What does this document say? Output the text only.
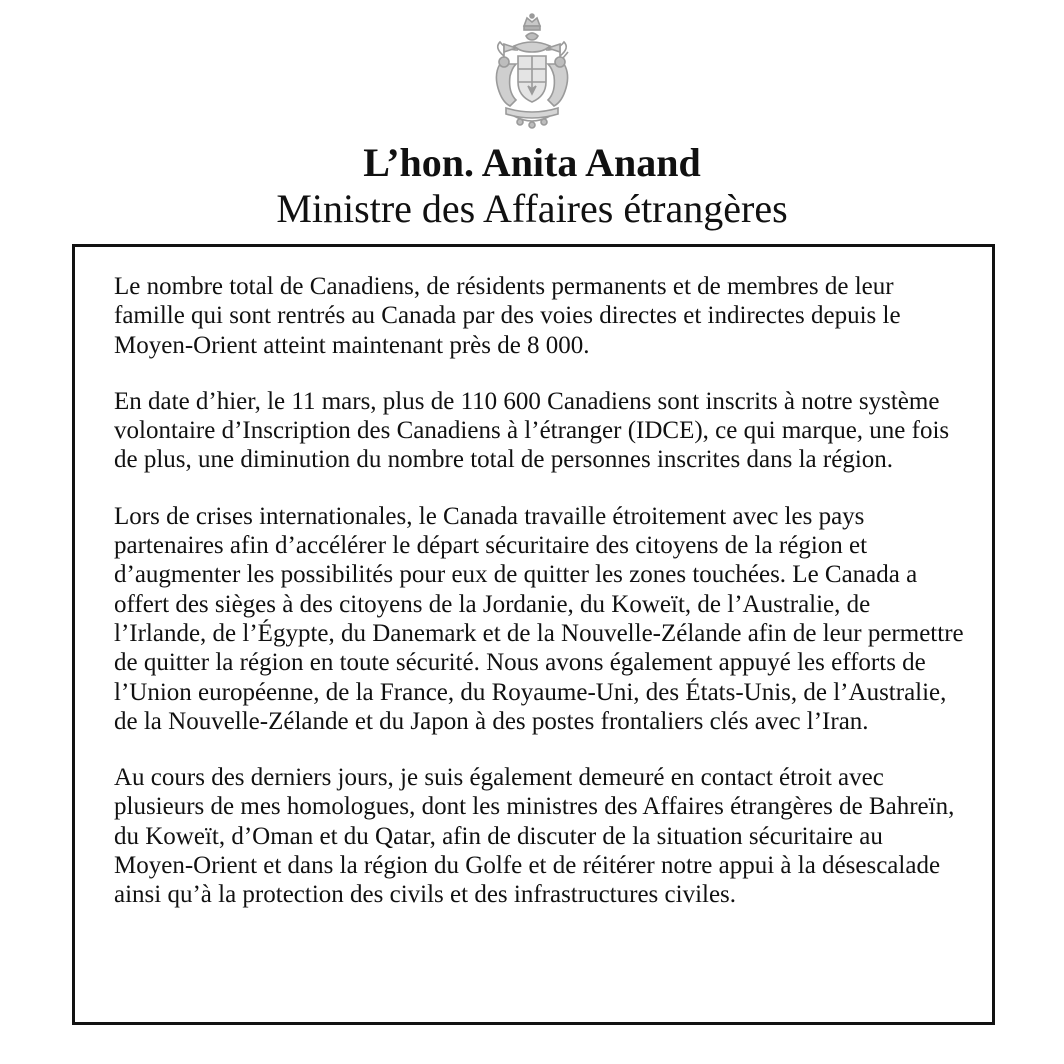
L’hon. Anita Anand
Ministre des Affaires étrangères

Le nombre total de Canadiens, de résidents permanents et de membres de leur famille qui sont rentrés au Canada par des voies directes et indirectes depuis le Moyen-Orient atteint maintenant près de 8 000.

En date d’hier, le 11 mars, plus de 110 600 Canadiens sont inscrits à notre système volontaire d’Inscription des Canadiens à l’étranger (IDCE), ce qui marque, une fois de plus, une diminution du nombre total de personnes inscrites dans la région.

Lors de crises internationales, le Canada travaille étroitement avec les pays partenaires afin d’accélérer le départ sécuritaire des citoyens de la région et d’augmenter les possibilités pour eux de quitter les zones touchées. Le Canada a offert des sièges à des citoyens de la Jordanie, du Koweït, de l’Australie, de l’Irlande, de l’Égypte, du Danemark et de la Nouvelle-Zélande afin de leur permettre de quitter la région en toute sécurité. Nous avons également appuyé les efforts de l’Union européenne, de la France, du Royaume-Uni, des États-Unis, de l’Australie, de la Nouvelle-Zélande et du Japon à des postes frontaliers clés avec l’Iran.

Au cours des derniers jours, je suis également demeuré en contact étroit avec plusieurs de mes homologues, dont les ministres des Affaires étrangères de Bahreïn, du Koweït, d’Oman et du Qatar, afin de discuter de la situation sécuritaire au Moyen-Orient et dans la région du Golfe et de réitérer notre appui à la désescalade ainsi qu’à la protection des civils et des infrastructures civiles.
